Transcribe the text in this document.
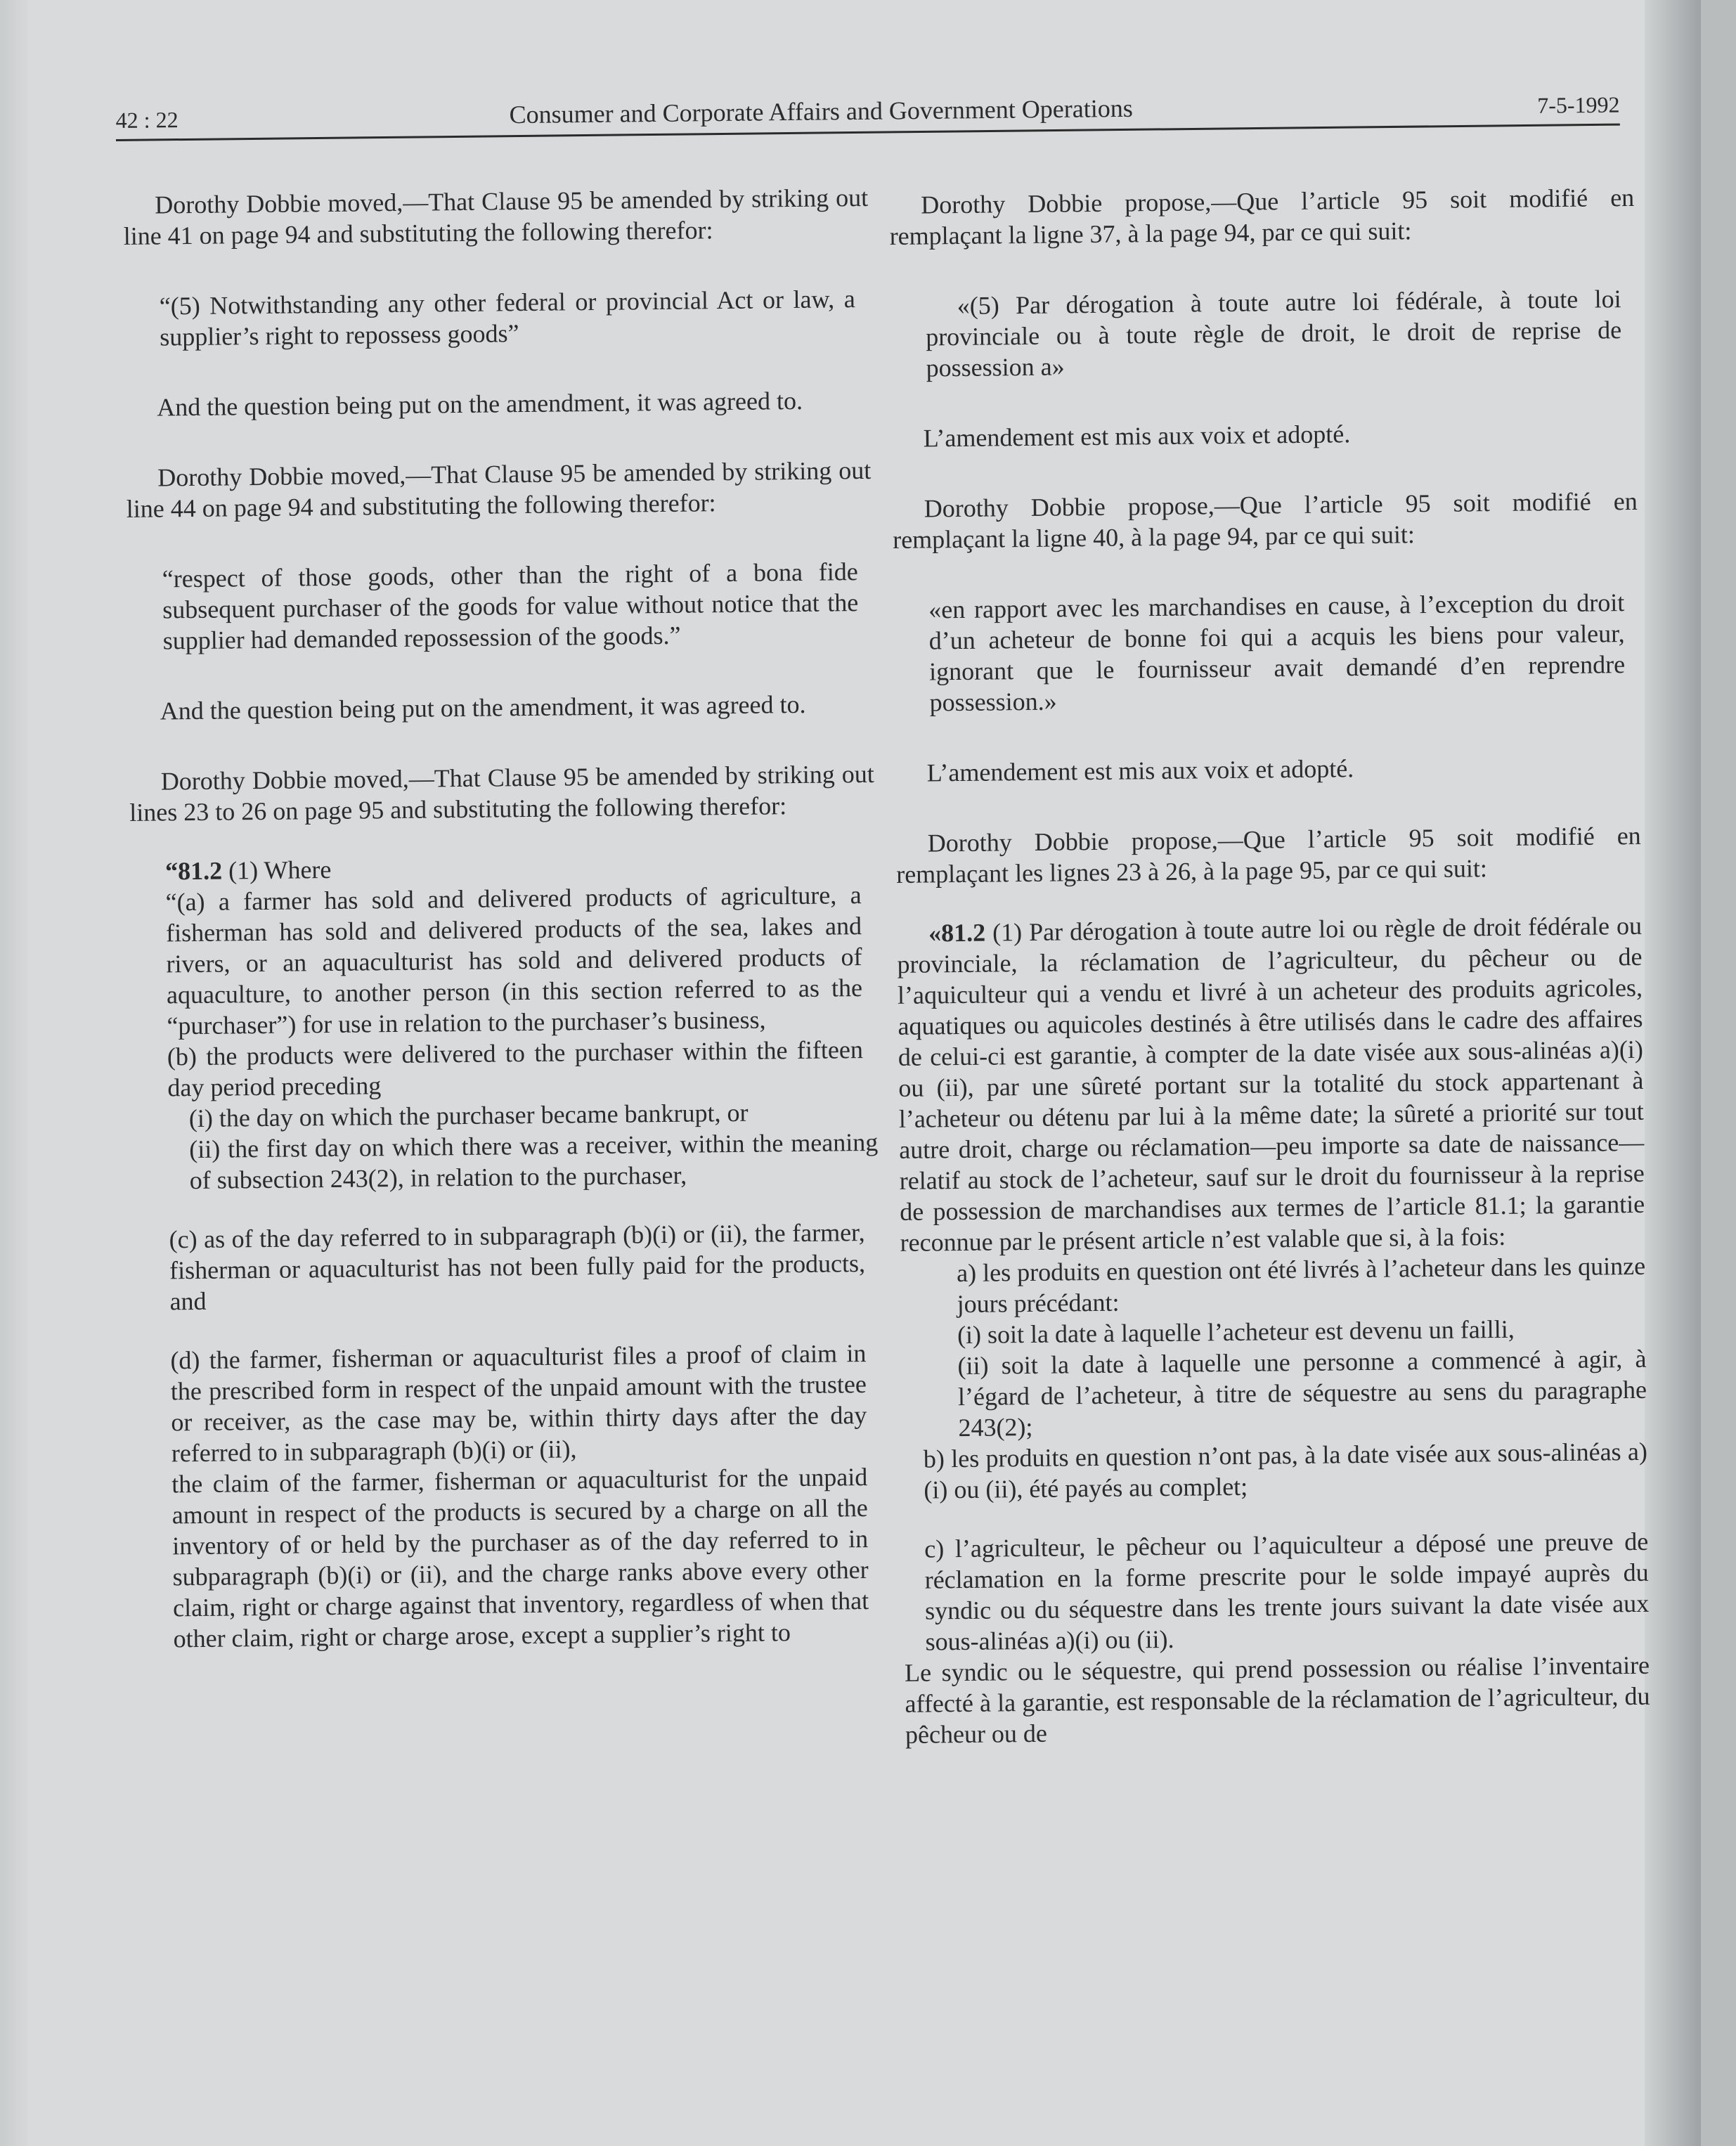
42 : 22	Consumer and Corporate Affairs and Government Operations	7-5-1992

Dorothy Dobbie moved,—That Clause 95 be amended by striking out line 41 on page 94 and substituting the following therefor:

“(5) Notwithstanding any other federal or provincial Act or law, a supplier’s right to repossess goods”

And the question being put on the amendment, it was agreed to.

Dorothy Dobbie moved,—That Clause 95 be amended by striking out line 44 on page 94 and substituting the following therefor:

“respect of those goods, other than the right of a bona fide subsequent purchaser of the goods for value without notice that the supplier had demanded repossession of the goods.”

And the question being put on the amendment, it was agreed to.

Dorothy Dobbie moved,—That Clause 95 be amended by striking out lines 23 to 26 on page 95 and substituting the following therefor:

“81.2 (1) Where

“(a) a farmer has sold and delivered products of agriculture, a fisherman has sold and delivered products of the sea, lakes and rivers, or an aquaculturist has sold and delivered products of aquaculture, to another person (in this section referred to as the “purchaser”) for use in relation to the purchaser’s business,

(b) the products were delivered to the purchaser within the fifteen day period preceding

(i) the day on which the purchaser became bankrupt, or

(ii) the first day on which there was a receiver, within the meaning of subsection 243(2), in relation to the purchaser,

(c) as of the day referred to in subparagraph (b)(i) or (ii), the farmer, fisherman or aquaculturist has not been fully paid for the products, and

(d) the farmer, fisherman or aquaculturist files a proof of claim in the prescribed form in respect of the unpaid amount with the trustee or receiver, as the case may be, within thirty days after the day referred to in subparagraph (b)(i) or (ii),

the claim of the farmer, fisherman or aquaculturist for the unpaid amount in respect of the products is secured by a charge on all the inventory of or held by the purchaser as of the day referred to in subparagraph (b)(i) or (ii), and the charge ranks above every other claim, right or charge against that inventory, regardless of when that other claim, right or charge arose, except a supplier’s right to

Dorothy Dobbie propose,—Que l’article 95 soit modifié en remplaçant la ligne 37, à la page 94, par ce qui suit:

«(5) Par dérogation à toute autre loi fédérale, à toute loi provinciale ou à toute règle de droit, le droit de reprise de possession a»

L’amendement est mis aux voix et adopté.

Dorothy Dobbie propose,—Que l’article 95 soit modifié en remplaçant la ligne 40, à la page 94, par ce qui suit:

«en rapport avec les marchandises en cause, à l’exception du droit d’un acheteur de bonne foi qui a acquis les biens pour valeur, ignorant que le fournisseur avait demandé d’en reprendre possession.»

L’amendement est mis aux voix et adopté.

Dorothy Dobbie propose,—Que l’article 95 soit modifié en remplaçant les lignes 23 à 26, à la page 95, par ce qui suit:

«81.2 (1) Par dérogation à toute autre loi ou règle de droit fédérale ou provinciale, la réclamation de l’agriculteur, du pêcheur ou de l’aquiculteur qui a vendu et livré à un acheteur des produits agricoles, aquatiques ou aquicoles destinés à être utilisés dans le cadre des affaires de celui-ci est garantie, à compter de la date visée aux sous-alinéas a)(i) ou (ii), par une sûreté portant sur la totalité du stock appartenant à l’acheteur ou détenu par lui à la même date; la sûreté a priorité sur tout autre droit, charge ou réclamation—peu importe sa date de naissance—relatif au stock de l’acheteur, sauf sur le droit du fournisseur à la reprise de possession de marchandises aux termes de l’article 81.1; la garantie reconnue par le présent article n’est valable que si, à la fois:

a) les produits en question ont été livrés à l’acheteur dans les quinze jours précédant:

(i) soit la date à laquelle l’acheteur est devenu un failli,

(ii) soit la date à laquelle une personne a commencé à agir, à l’égard de l’acheteur, à titre de séquestre au sens du paragraphe 243(2);

b) les produits en question n’ont pas, à la date visée aux sous-alinéas a)(i) ou (ii), été payés au complet;

c) l’agriculteur, le pêcheur ou l’aquiculteur a déposé une preuve de réclamation en la forme prescrite pour le solde impayé auprès du syndic ou du séquestre dans les trente jours suivant la date visée aux sous-alinéas a)(i) ou (ii).

Le syndic ou le séquestre, qui prend possession ou réalise l’inventaire affecté à la garantie, est responsable de la réclamation de l’agriculteur, du pêcheur ou de
